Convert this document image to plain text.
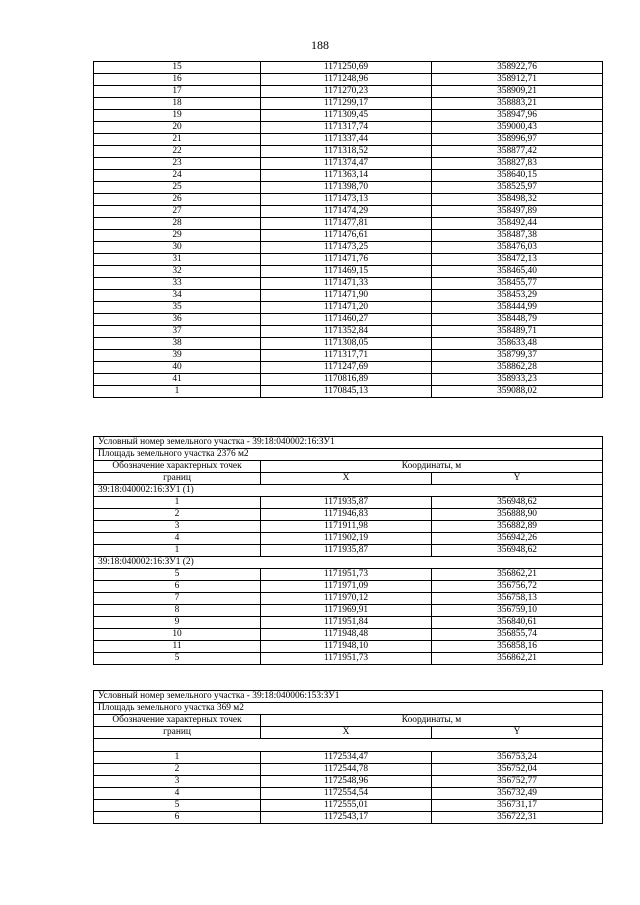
188
15	1171250,69	358922,76
16	1171248,96	358912,71
17	1171270,23	358909,21
18	1171299,17	358883,21
19	1171309,45	358947,96
20	1171317,74	359000,43
21	1171337,44	358996,97
22	1171318,52	358877,42
23	1171374,47	358827,83
24	1171363,14	358640,15
25	1171398,70	358525,97
26	1171473,13	358498,32
27	1171474,29	358497,89
28	1171477,81	358492,44
29	1171476,61	358487,38
30	1171473,25	358476,03
31	1171471,76	358472,13
32	1171469,15	358465,40
33	1171471,33	358455,77
34	1171471,90	358453,29
35	1171471,20	358444,99
36	1171460,27	358448,79
37	1171352,84	358489,71
38	1171308,05	358633,48
39	1171317,71	358799,37
40	1171247,69	358862,28
41	1170816,89	358933,23
1	1170845,13	359088,02
Условный номер земельного участка - 39:18:040002:16:ЗУ1		
Площадь земельного участка 2376 м2		
Обозначение характерных точек	Координаты, м	
границ	X	Y
39:18:040002:16:ЗУ1 (1)		
1	1171935,87	356948,62
2	1171946,83	356888,90
3	1171911,98	356882,89
4	1171902,19	356942,26
1	1171935,87	356948,62
39:18:040002:16:ЗУ1 (2)		
5	1171951,73	356862,21
6	1171971,09	356756,72
7	1171970,12	356758,13
8	1171969,91	356759,10
9	1171951,84	356840,61
10	1171948,48	356855,74
11	1171948,10	356858,16
5	1171951,73	356862,21
Условный номер земельного участка - 39:18:040006:153:ЗУ1		
Площадь земельного участка 369 м2		
Обозначение характерных точек	Координаты, м	
границ	X	Y

1	1172534,47	356753,24
2	1172544,78	356752,04
3	1172548,96	356752,77
4	1172554,54	356732,49
5	1172555,01	356731,17
6	1172543,17	356722,31
